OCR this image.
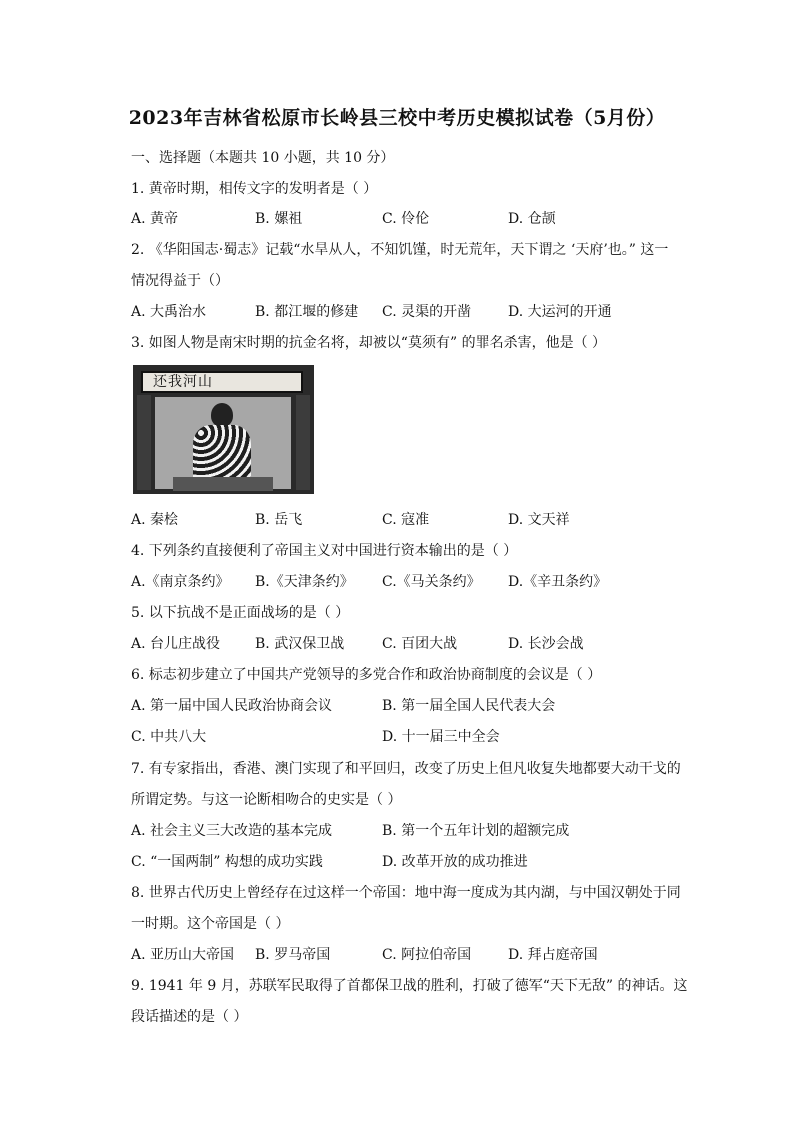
2023年吉林省松原市长岭县三校中考历史模拟试卷（5月份）
一、选择题（本题共 10 小题，共 10 分）
1. 黄帝时期，相传文字的发明者是（ ）
A. 黄帝	B. 嫘祖	C. 伶伦	D. 仓颉
2. 《华阳国志·蜀志》记载“水旱从人，不知饥馑，时无荒年，天下谓之 ‘天府’也。” 这一
情况得益于（）
A. 大禹治水	B. 都江堰的修建 C. 灵渠的开凿	D. 大运河的开通
3. 如图人物是南宋时期的抗金名将，却被以“莫须有” 的罪名杀害，他是（ ）
还我河山
A. 秦桧	B. 岳飞	C. 寇准	D. 文天祥
4. 下列条约直接便利了帝国主义对中国进行资本输出的是（ ）
A.《南京条约》 B.《天津条约》 C.《马关条约》 D.《辛丑条约》
5. 以下抗战不是正面战场的是（ ）
A. 台儿庄战役 B. 武汉保卫战	C. 百团大战	D. 长沙会战
6. 标志初步建立了中国共产党领导的多党合作和政治协商制度的会议是（ ）
A. 第一届中国人民政治协商会议	B. 第一届全国人民代表大会
C. 中共八大	D. 十一届三中全会
7. 有专家指出，香港、澳门实现了和平回归，改变了历史上但凡收复失地都要大动干戈的
所谓定势。与这一论断相吻合的史实是（ ）
A. 社会主义三大改造的基本完成	B. 第一个五年计划的超额完成
C. “一国两制” 构想的成功实践	D. 改革开放的成功推进
8. 世界古代历史上曾经存在过这样一个帝国：地中海一度成为其内湖，与中国汉朝处于同
一时期。这个帝国是（ ）
A. 亚历山大帝国 B. 罗马帝国	C. 阿拉伯帝国	D. 拜占庭帝国
9. 1941 年 9 月，苏联军民取得了首都保卫战的胜利，打破了德军“天下无敌” 的神话。这
段话描述的是（ ）
